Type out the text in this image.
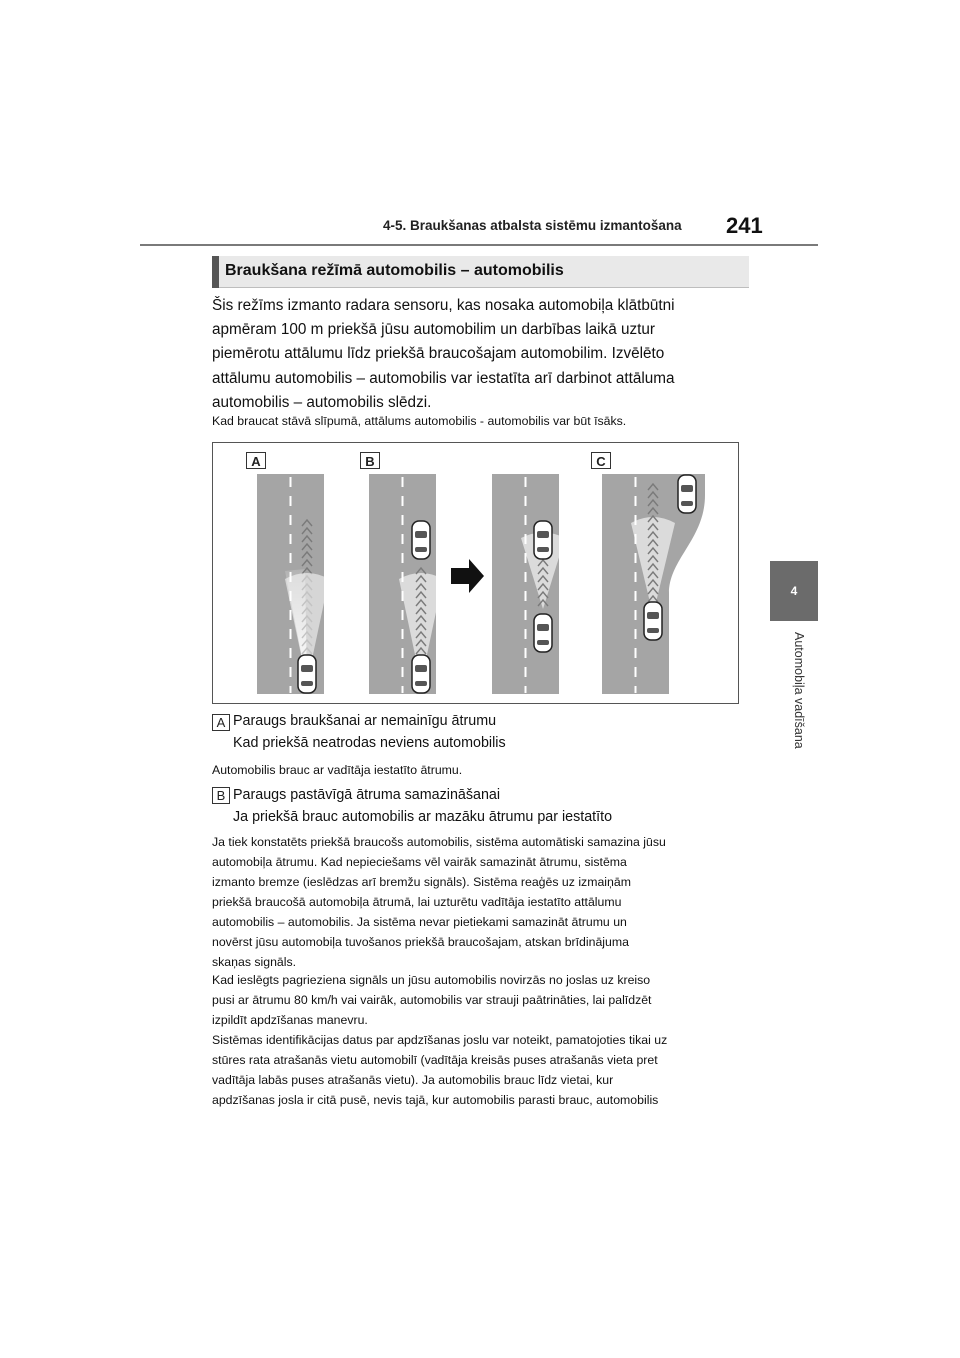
4-5. Braukšanas atbalsta sistēmu izmantošana 241
4
Automobiļa vadīšana
Braukšana režīmā automobilis – automobilis
Šis režīms izmanto radara sensoru, kas nosaka automobiļa klātbūtni
apmēram 100 m priekšā jūsu automobilim un darbības laikā uztur
piemērotu attālumu līdz priekšā braucošajam automobilim. Izvēlēto
attālumu automobilis – automobilis var iestatīta arī darbinot attāluma
automobilis – automobilis slēdzi.
Kad braucat stāvā slīpumā, attālums automobilis - automobilis var būt īsāks.
A	B	C
A Paraugs braukšanai ar nemainīgu ātrumu
Kad priekšā neatrodas neviens automobilis
Automobilis brauc ar vadītāja iestatīto ātrumu.
B Paraugs pastāvīgā ātruma samazināšanai
Ja priekšā brauc automobilis ar mazāku ātrumu par iestatīto
Ja tiek konstatēts priekšā braucošs automobilis, sistēma automātiski samazina jūsu
automobiļa ātrumu. Kad nepieciešams vēl vairāk samazināt ātrumu, sistēma
izmanto bremze (ieslēdzas arī bremžu signāls). Sistēma reaģēs uz izmaiņām
priekšā braucošā automobiļa ātrumā, lai uzturētu vadītāja iestatīto attālumu
automobilis – automobilis. Ja sistēma nevar pietiekami samazināt ātrumu un
novērst jūsu automobiļa tuvošanos priekšā braucošajam, atskan brīdinājuma
skaņas signāls.
Kad ieslēgts pagrieziena signāls un jūsu automobilis novirzās no joslas uz kreiso
pusi ar ātrumu 80 km/h vai vairāk, automobilis var strauji paātrināties, lai palīdzēt
izpildīt apdzīšanas manevru.
Sistēmas identifikācijas datus par apdzīšanas joslu var noteikt, pamatojoties tikai uz
stūres rata atrašanās vietu automobilī (vadītāja kreisās puses atrašanās vieta pret
vadītāja labās puses atrašanās vietu). Ja automobilis brauc līdz vietai, kur
apdzīšanas josla ir citā pusē, nevis tajā, kur automobilis parasti brauc, automobilis
